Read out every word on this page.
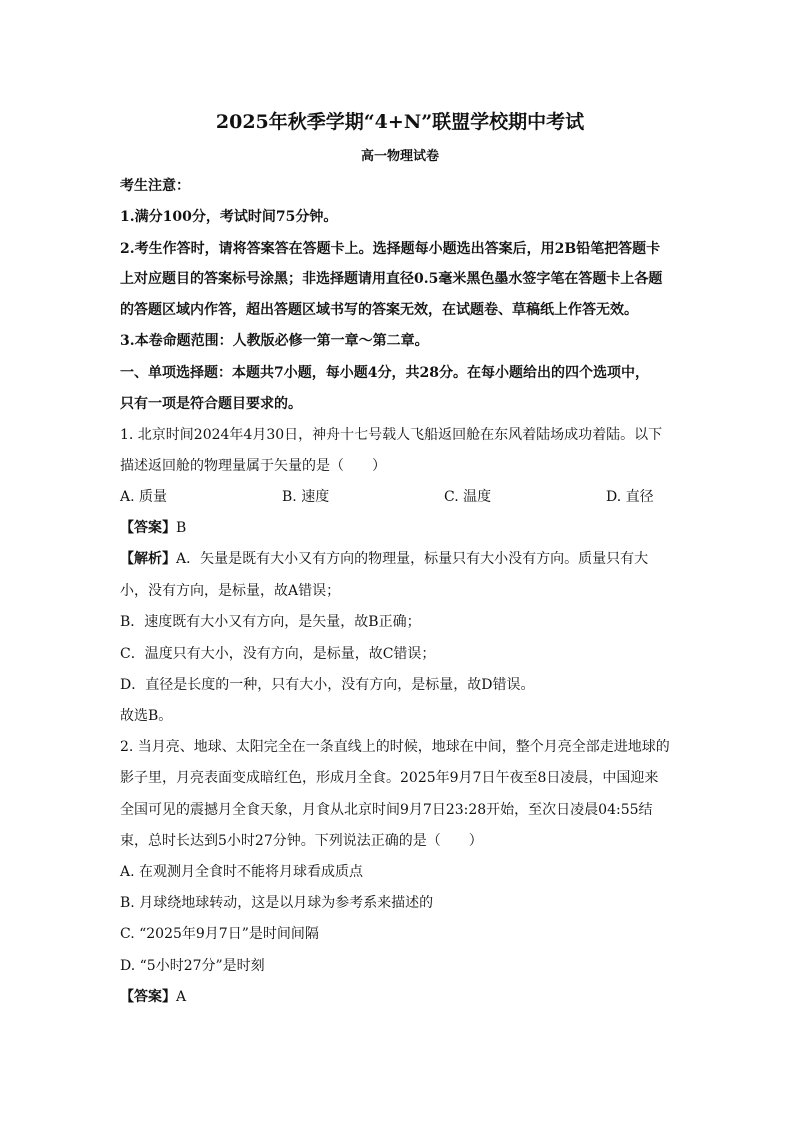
2025年秋季学期“4+N”联盟学校期中考试
高一物理试卷
考生注意：
1.满分100分，考试时间75分钟。
2.考生作答时，请将答案答在答题卡上。选择题每小题选出答案后，用2B铅笔把答题卡
上对应题目的答案标号涂黑；非选择题请用直径0.5毫米黑色墨水签字笔在答题卡上各题
的答题区域内作答，超出答题区域书写的答案无效，在试题卷、草稿纸上作答无效。
3.本卷命题范围：人教版必修一第一章～第二章。
一、单项选择题：本题共7小题，每小题4分，共28分。在每小题给出的四个选项中，
只有一项是符合题目要求的。
1. 北京时间2024年4月30日，神舟十七号载人飞船返回舱在东风着陆场成功着陆。以下
描述返回舱的物理量属于矢量的是（　　）
A. 质量	B. 速度	C. 温度	D. 直径
【答案】B
【解析】A．矢量是既有大小又有方向的物理量，标量只有大小没有方向。质量只有大
小，没有方向，是标量，故A错误；
B．速度既有大小又有方向，是矢量，故B正确；
C．温度只有大小，没有方向，是标量，故C错误；
D．直径是长度的一种，只有大小，没有方向，是标量，故D错误。
故选B。
2. 当月亮、地球、太阳完全在一条直线上的时候，地球在中间，整个月亮全部走进地球的
影子里，月亮表面变成暗红色，形成月全食。2025年9月7日午夜至8日凌晨，中国迎来
全国可见的震撼月全食天象，月食从北京时间9月7日23:28开始，至次日凌晨04:55结
束，总时长达到5小时27分钟。下列说法正确的是（　　）
A. 在观测月全食时不能将月球看成质点
B. 月球绕地球转动，这是以月球为参考系来描述的
C. “2025年9月7日”是时间间隔
D. “5小时27分”是时刻
【答案】A
